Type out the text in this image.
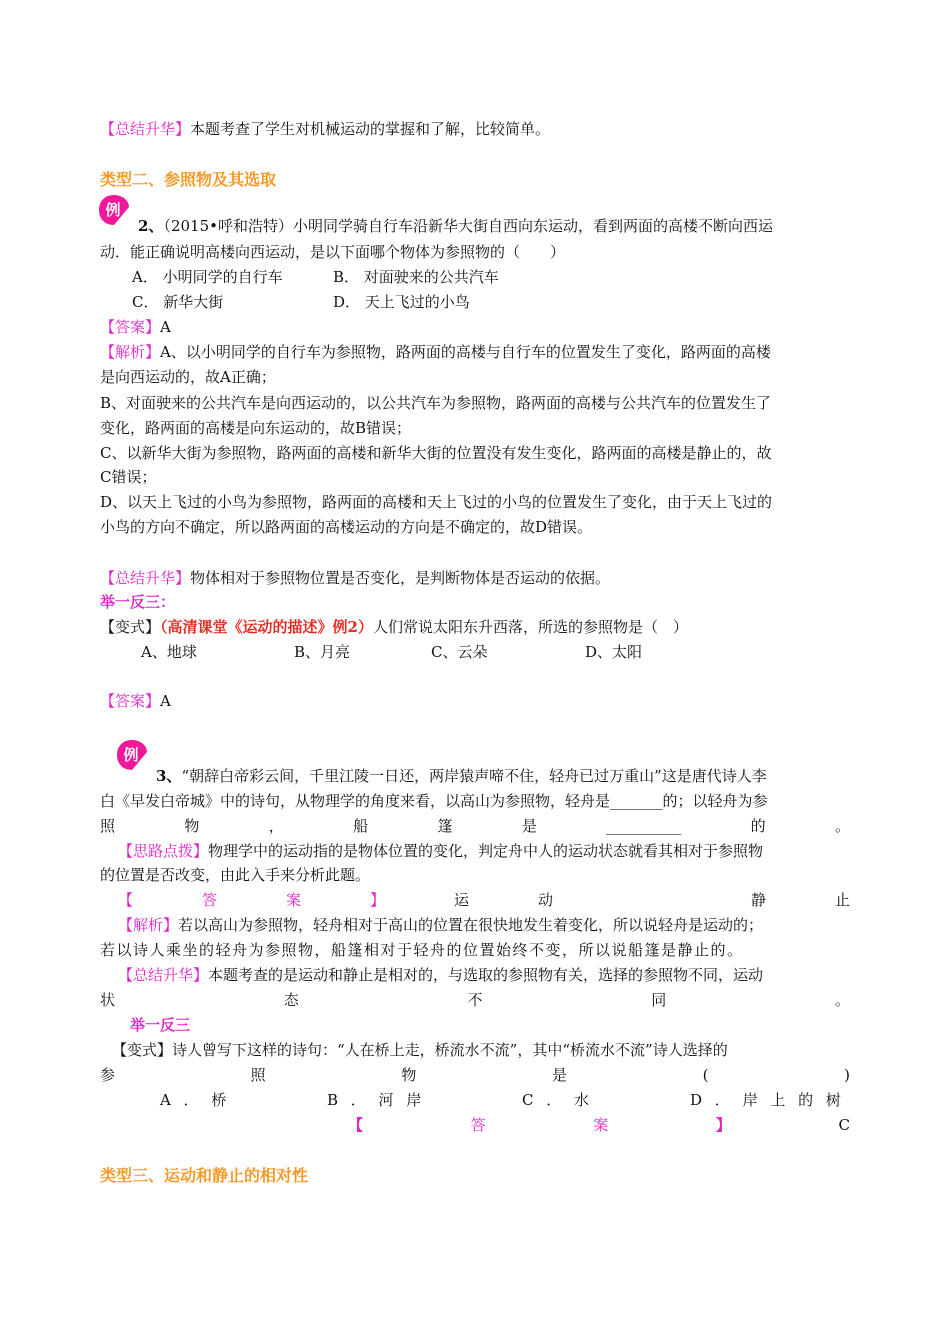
【总结升华】本题考查了学生对机械运动的掌握和了解，比较简单。
类型二、参照物及其选取
例
2、（2015•呼和浩特）小明同学骑自行车沿新华大街自西向东运动，看到两面的高楼不断向西运
动．能正确说明高楼向西运动，是以下面哪个物体为参照物的（　　）
A． 小明同学的自行车	B． 对面驶来的公共汽车
C． 新华大街	D． 天上飞过的小鸟
【答案】A
【解析】A、以小明同学的自行车为参照物，路两面的高楼与自行车的位置发生了变化，路两面的高楼
是向西运动的，故A正确；
B、对面驶来的公共汽车是向西运动的，以公共汽车为参照物，路两面的高楼与公共汽车的位置发生了
变化，路两面的高楼是向东运动的，故B错误；
C、以新华大街为参照物，路两面的高楼和新华大街的位置没有发生变化，路两面的高楼是静止的，故
C错误；
D、以天上飞过的小鸟为参照物，路两面的高楼和天上飞过的小鸟的位置发生了变化，由于天上飞过的
小鸟的方向不确定，所以路两面的高楼运动的方向是不确定的，故D错误。
【总结升华】物体相对于参照物位置是否变化，是判断物体是否运动的依据。
举一反三：
【变式】（高清课堂《运动的描述》例2）人们常说太阳东升西落，所选的参照物是（　）
A、地球	B、月亮	C、云朵	D、太阳
【答案】A
例
3、“朝辞白帝彩云间，千里江陵一日还，两岸猿声啼不住，轻舟已过万重山”这是唐代诗人李
白《早发白帝城》中的诗句，从物理学的角度来看，以高山为参照物，轻舟是_______的；以轻舟为参
照	物	，	船	篷	是	__________	的	。
【思路点拨】物理学中的运动指的是物体位置的变化，判定舟中人的运动状态就看其相对于参照物
的位置是否改变，由此入手来分析此题。
【	答	案	】	运	动	静	止
【解析】若以高山为参照物，轻舟相对于高山的位置在很快地发生着变化，所以说轻舟是运动的；
若以诗人乘坐的轻舟为参照物，船篷相对于轻舟的位置始终不变，所以说船篷是静止的。
【总结升华】本题考查的是运动和静止是相对的，与选取的参照物有关，选择的参照物不同，运动
状	态	不	同	。
举一反三
【变式】诗人曾写下这样的诗句：“人在桥上走，桥流水不流”，其中“桥流水不流”诗人选择的
参	照	物	是	(	)
A ． 桥	B ． 河 岸	C ． 水	D ． 岸 上 的 树
【	答	案	】	C
类型三、运动和静止的相对性
